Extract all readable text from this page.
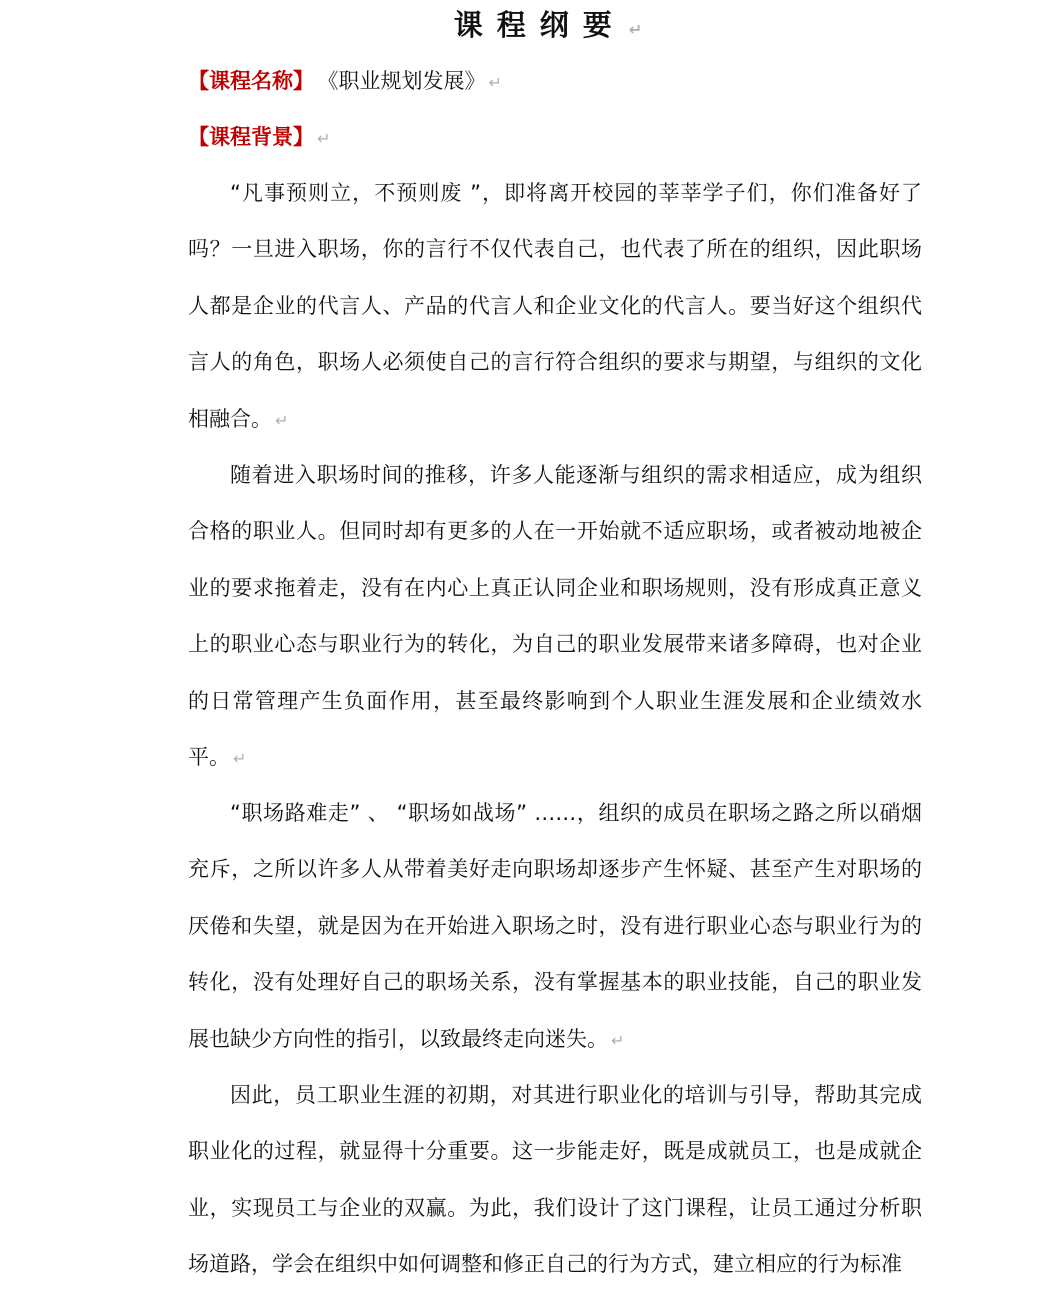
课程纲要 ↵
【课程名称】 《职业规划发展》 ↵
【课程背景】 ↵

“凡事预则立，不预则废 ”，即将离开校园的莘莘学子们，你们准备好了吗？一旦进入职场，你的言行不仅代表自己，也代表了所在的组织，因此职场人都是企业的代言人、产品的代言人和企业文化的代言人。要当好这个组织代言人的角色，职场人必须使自己的言行符合组织的要求与期望，与组织的文化相融合。 ↵

随着进入职场时间的推移，许多人能逐渐与组织的需求相适应，成为组织合格的职业人。但同时却有更多的人在一开始就不适应职场，或者被动地被企业的要求拖着走，没有在内心上真正认同企业和职场规则，没有形成真正意义上的职业心态与职业行为的转化，为自己的职业发展带来诸多障碍，也对企业的日常管理产生负面作用，甚至最终影响到个人职业生涯发展和企业绩效水平。 ↵

“职场路难走” 、 “职场如战场” ……，组织的成员在职场之路之所以硝烟充斥，之所以许多人从带着美好走向职场却逐步产生怀疑、甚至产生对职场的厌倦和失望，就是因为在开始进入职场之时，没有进行职业心态与职业行为的转化，没有处理好自己的职场关系，没有掌握基本的职业技能，自己的职业发展也缺少方向性的指引，以致最终走向迷失。 ↵

因此，员工职业生涯的初期，对其进行职业化的培训与引导，帮助其完成职业化的过程，就显得十分重要。这一步能走好，既是成就员工，也是成就企业，实现员工与企业的双赢。为此，我们设计了这门课程，让员工通过分析职场道路，学会在组织中如何调整和修正自己的行为方式，建立相应的行为标准
